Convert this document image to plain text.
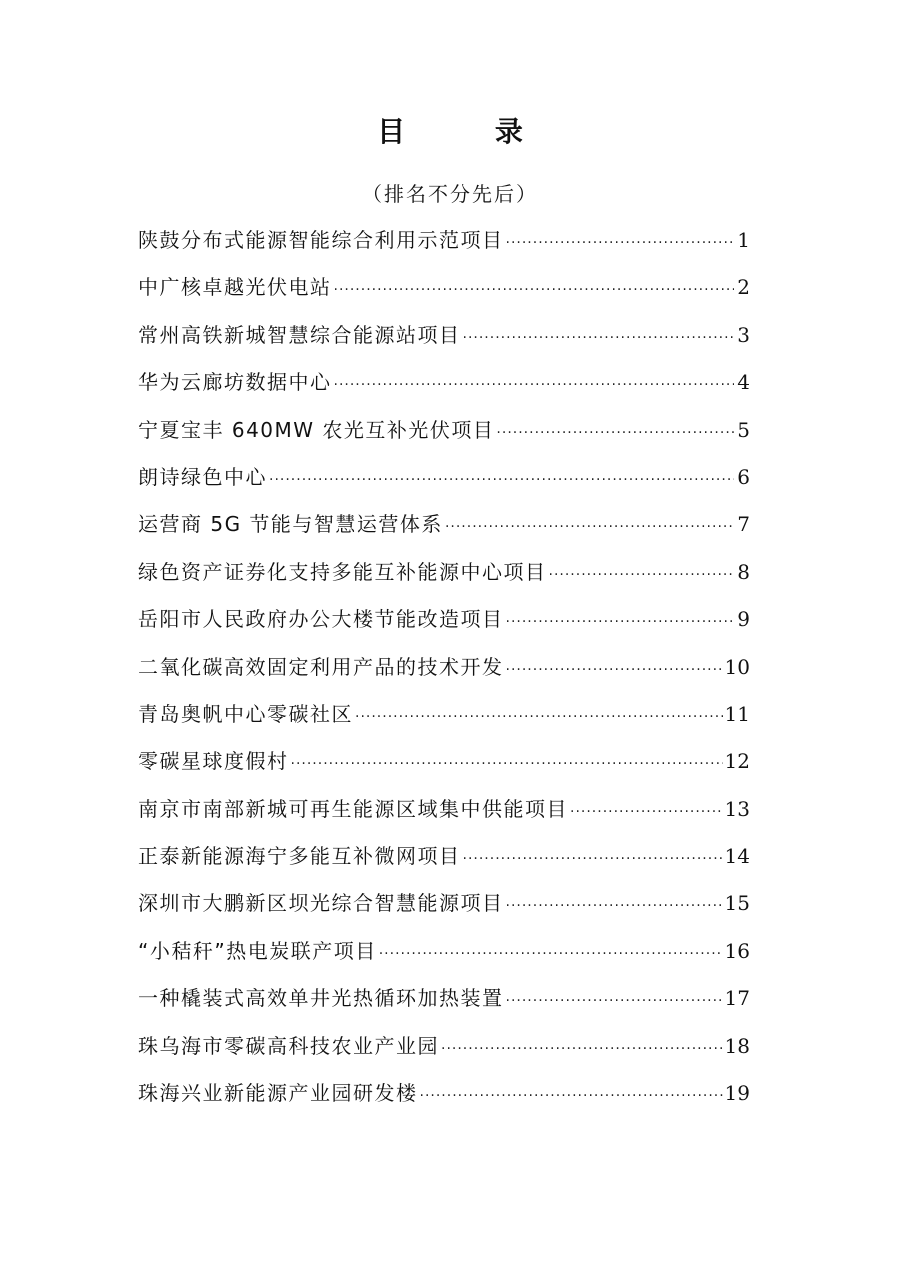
目 录
（排名不分先后）
陕鼓分布式能源智能综合利用示范项目 ·····	1
中广核卓越光伏电站 ·····	2
常州高铁新城智慧综合能源站项目 ·····	3
华为云廊坊数据中心 ·····	4
宁夏宝丰 640MW 农光互补光伏项目 ·····	5
朗诗绿色中心 ·····	6
运营商 5G 节能与智慧运营体系 ·····	7
绿色资产证券化支持多能互补能源中心项目 ·····	8
岳阳市人民政府办公大楼节能改造项目 ·····	9
二氧化碳高效固定利用产品的技术开发 ·····	10
青岛奥帆中心零碳社区 ·····	11
零碳星球度假村 ·····	12
南京市南部新城可再生能源区域集中供能项目 ·····	13
正泰新能源海宁多能互补微网项目 ·····	14
深圳市大鹏新区坝光综合智慧能源项目 ·····	15
“小秸秆”热电炭联产项目 ·····	16
一种橇装式高效单井光热循环加热装置 ·····	17
珠乌海市零碳高科技农业产业园 ·····	18
珠海兴业新能源产业园研发楼 ·····	19
